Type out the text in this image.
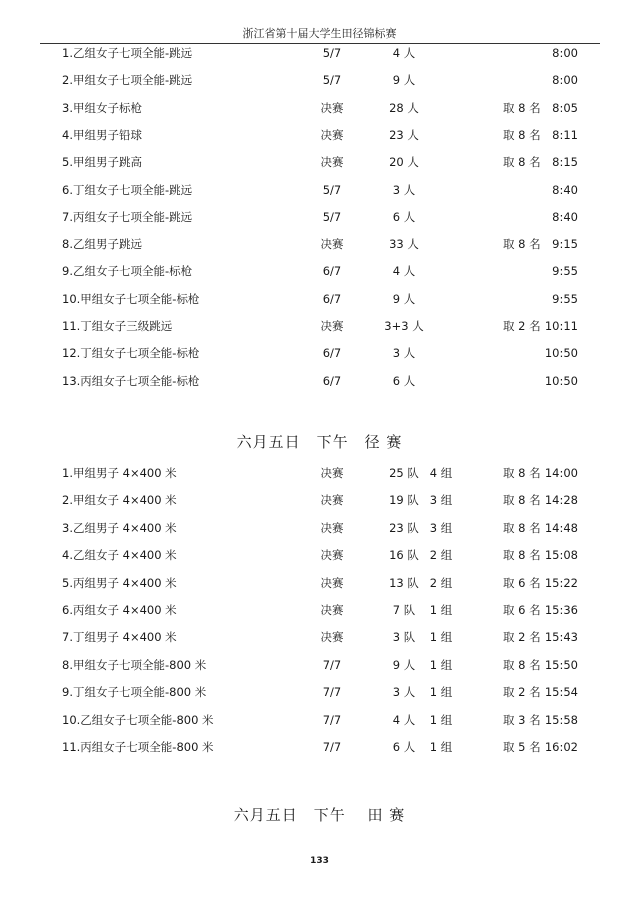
浙江省第十届大学生田径锦标赛
1.乙组女子七项全能-跳远	5/7	4 人	8:00
2.甲组女子七项全能-跳远	5/7	9 人	8:00
3.甲组女子标枪	决赛	28 人	取 8 名	8:05
4.甲组男子铅球	决赛	23 人	取 8 名	8:11
5.甲组男子跳高	决赛	20 人	取 8 名	8:15
6.丁组女子七项全能-跳远	5/7	3 人	8:40
7.丙组女子七项全能-跳远	5/7	6 人	8:40
8.乙组男子跳远	决赛	33 人	取 8 名	9:15
9.乙组女子七项全能-标枪	6/7	4 人	9:55
10.甲组女子七项全能-标枪	6/7	9 人	9:55
11.丁组女子三级跳远	决赛	3+3 人	取 2 名 10:11
12.丁组女子七项全能-标枪	6/7	3 人	10:50
13.丙组女子七项全能-标枪	6/7	6 人	10:50
六月五日　下午　径 赛
1.甲组男子 4×400 米	决赛	25 队 4 组	取 8 名 14:00
2.甲组女子 4×400 米	决赛	19 队 3 组	取 8 名 14:28
3.乙组男子 4×400 米	决赛	23 队 3 组	取 8 名 14:48
4.乙组女子 4×400 米	决赛	16 队 2 组	取 8 名 15:08
5.丙组男子 4×400 米	决赛	13 队 2 组	取 6 名 15:22
6.丙组女子 4×400 米	决赛	7 队	1 组	取 6 名 15:36
7.丁组男子 4×400 米	决赛	3 队	1 组	取 2 名 15:43
8.甲组女子七项全能-800 米	7/7	9 人	1 组	取 8 名 15:50
9.丁组女子七项全能-800 米	7/7	3 人	1 组	取 2 名 15:54
10.乙组女子七项全能-800 米	7/7	4 人	1 组	取 3 名 15:58
11.丙组女子七项全能-800 米	7/7	6 人	1 组	取 5 名 16:02
六月五日　下午　 田 赛
133
